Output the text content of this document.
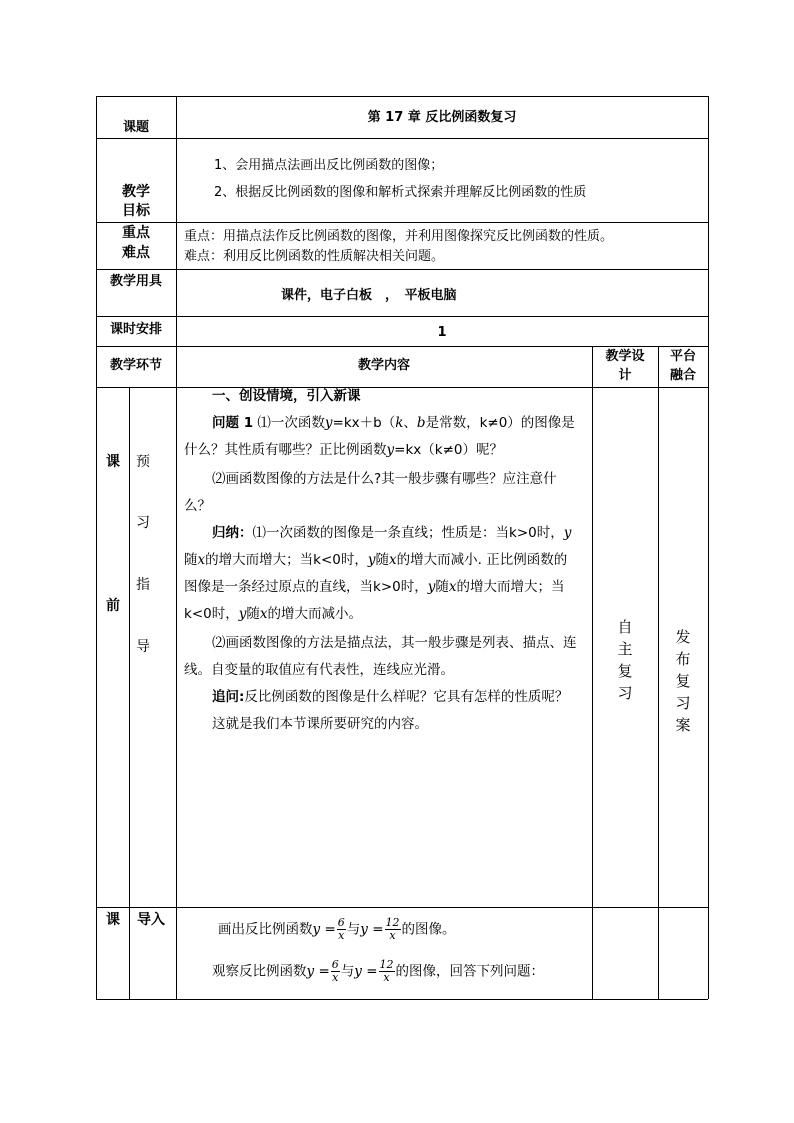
课题
第 17 章 反比例函数复习
教学
目标
1、会用描点法画出反比例函数的图像；
2、根据反比例函数的图像和解析式探索并理解反比例函数的性质
重点
难点
重点：用描点法作反比例函数的图像，并利用图像探究反比例函数的性质。
难点：利用反比例函数的性质解决相关问题。
教学用具
课件，电子白板　，　平板电脑
课时安排	1
教学环节	教学内容
教学设
计
平台
融合
课
前
预
习
指
导
一、创设情境，引入新课
问题 1 ⑴一次函数y=kx＋b（k、b是常数，k≠0）的图像是
什么？其性质有哪些？正比例函数y=kx（k≠0）呢？
⑵画函数图像的方法是什么?其一般步骤有哪些？应注意什
么？
归纳：⑴一次函数的图像是一条直线；性质是：当k>0时，y
随x的增大而增大；当k<0时，y随x的增大而减小. 正比例函数的
图像是一条经过原点的直线，当k>0时，y随x的增大而增大；当
k<0时，y随x的增大而减小。
⑵画函数图像的方法是描点法，其一般步骤是列表、描点、连
线。自变量的取值应有代表性，连线应光滑。
追问:反比例函数的图像是什么样呢？它具有怎样的性质呢？
这就是我们本节课所要研究的内容。
自
主
复
习
发
布
复
习
案
课 导入
画出反比例函数$y = \frac{6}{x}$ 与$y = \frac{12}{x}$ 的图像。
观察反比例函数$y = \frac{6}{x}$ 与$y = \frac{12}{x}$ 的图像，回答下列问题：
